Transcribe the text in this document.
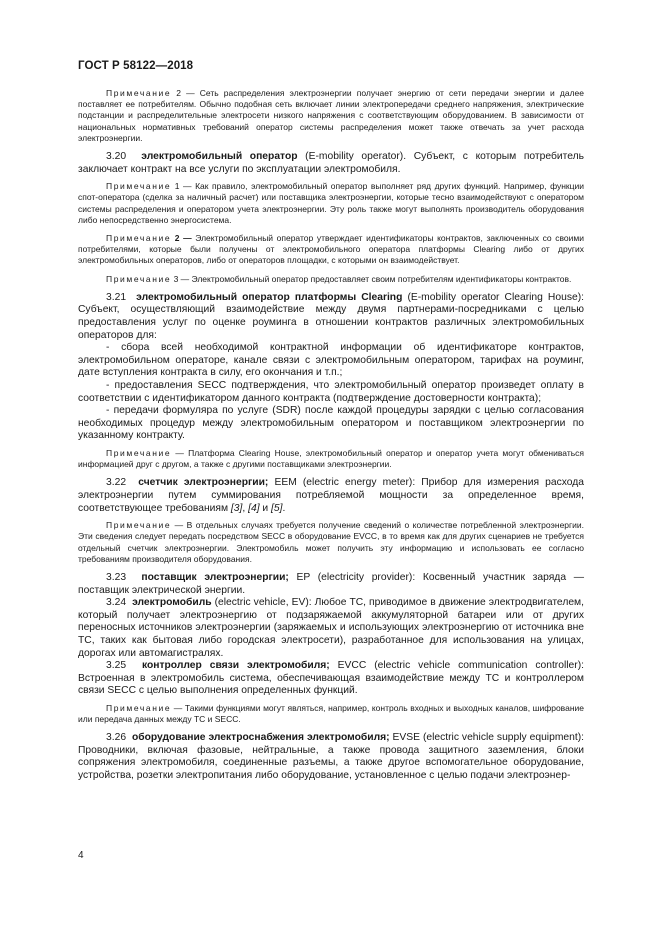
ГОСТ Р 58122—2018

Примечание 2 — Сеть распределения электроэнергии получает энергию от сети передачи энергии и далее поставляет ее потребителям. Обычно подобная сеть включает линии электропередачи среднего напряжения, электрические подстанции и распределительные электросети низкого напряжения с соответствующим оборудованием. В зависимости от национальных нормативных требований оператор системы распределения может также отвечать за учет расхода электроэнергии.

3.20 электромобильный оператор (E-mobility operator). Субъект, с которым потребитель заключает контракт на все услуги по эксплуатации электромобиля.

Примечание 1 — Как правило, электромобильный оператор выполняет ряд других функций. Например, функции спот-оператора (сделка за наличный расчет) или поставщика электроэнергии, которые тесно взаимодействуют с оператором системы распределения и оператором учета электроэнергии. Эту роль также могут выполнять производитель оборудования либо непосредственно энергосистема.

Примечание 2 — Электромобильный оператор утверждает идентификаторы контрактов, заключенных со своими потребителями, которые были получены от электромобильного оператора платформы Clearing либо от других электромобильных операторов, либо от операторов площадки, с которыми он взаимодействует.

Примечание 3 — Электромобильный оператор предоставляет своим потребителям идентификаторы контрактов.

3.21 электромобильный оператор платформы Clearing (E-mobility operator Clearing House): Субъект, осуществляющий взаимодействие между двумя партнерами-посредниками с целью предоставления услуг по оценке роуминга в отношении контрактов различных электромобильных операторов для:

- сбора всей необходимой контрактной информации об идентификаторе контрактов, электромобильном операторе, канале связи с электромобильным оператором, тарифах на роуминг, дате вступления контракта в силу, его окончания и т.п.;

- предоставления SECC подтверждения, что электромобильный оператор произведет оплату в соответствии с идентификатором данного контракта (подтверждение достоверности контракта);

- передачи формуляра по услуге (SDR) после каждой процедуры зарядки с целью согласования необходимых процедур между электромобильным оператором и поставщиком электроэнергии по указанному контракту.

Примечание — Платформа Clearing House, электромобильный оператор и оператор учета могут обмениваться информацией друг с другом, а также с другими поставщиками электроэнергии.

3.22 счетчик электроэнергии; EEM (electric energy meter): Прибор для измерения расхода электроэнергии путем суммирования потребляемой мощности за определенное время, соответствующее требованиям [3], [4] и [5].

Примечание — В отдельных случаях требуется получение сведений о количестве потребленной электроэнергии. Эти сведения следует передать посредством SECC в оборудование EVCC, в то время как для других сценариев не требуется отдельный счетчик электроэнергии. Электромобиль может получить эту информацию и использовать ее согласно требованиям производителя оборудования.

3.23 поставщик электроэнергии; EP (electricity provider): Косвенный участник заряда — поставщик электрической энергии.

3.24 электромобиль (electric vehicle, EV): Любое ТС, приводимое в движение электродвигателем, который получает электроэнергию от подзаряжаемой аккумуляторной батареи или от других переносных источников электроэнергии (заряжаемых и использующих электроэнергию от источника вне ТС, таких как бытовая либо городская электросети), разработанное для использования на улицах, дорогах или автомагистралях.

3.25 контроллер связи электромобиля; EVCC (electric vehicle communication controller): Встроенная в электромобиль система, обеспечивающая взаимодействие между ТС и контроллером связи SECC с целью выполнения определенных функций.

Примечание — Такими функциями могут являться, например, контроль входных и выходных каналов, шифрование или передача данных между ТС и SECC.

3.26 оборудование электроснабжения электромобиля; EVSE (electric vehicle supply equipment): Проводники, включая фазовые, нейтральные, а также провода защитного заземления, блоки сопряжения электромобиля, соединенные разъемы, а также другое вспомогательное оборудование, устройства, розетки электропитания либо оборудование, установленное с целью подачи электроэнер-

4
